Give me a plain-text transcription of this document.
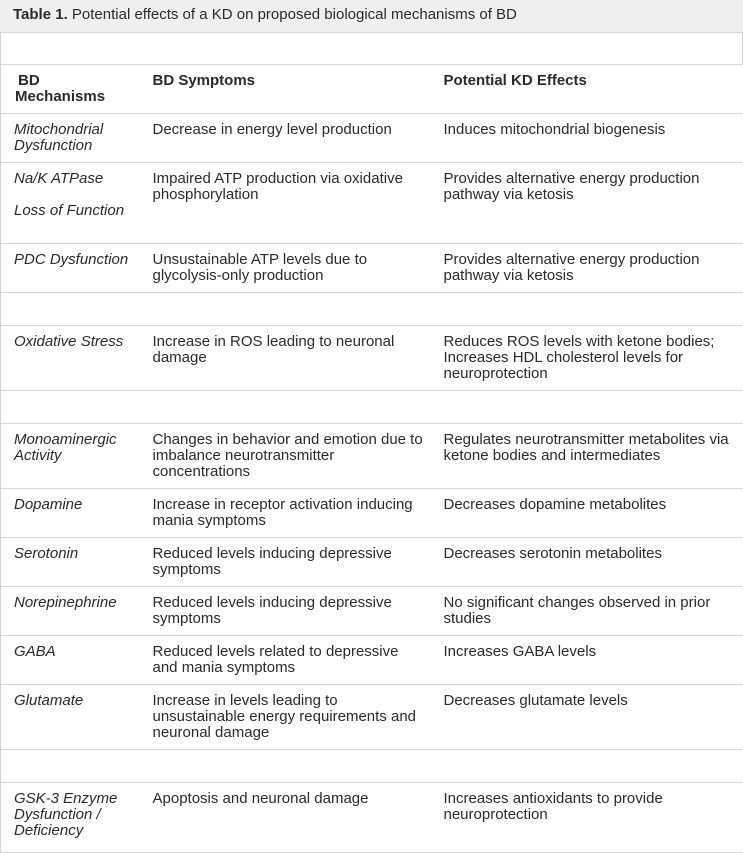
Table 1. Potential effects of a KD on proposed biological mechanisms of BD
BD
Mechanisms	BD Symptoms	Potential KD Effects
Mitochondrial Dysfunction	Decrease in energy level production	Induces mitochondrial biogenesis
Na/K ATPase
Loss of Function	Impaired ATP production via oxidative phosphorylation	Provides alternative energy production pathway via ketosis
PDC Dysfunction	Unsustainable ATP levels due to glycolysis-only production	Provides alternative energy production pathway via ketosis

Oxidative Stress	Increase in ROS leading to neuronal damage	Reduces ROS levels with ketone bodies; Increases HDL cholesterol levels for neuroprotection

Monoaminergic Activity	Changes in behavior and emotion due to imbalance neurotransmitter concentrations	Regulates neurotransmitter metabolites via ketone bodies and intermediates
Dopamine	Increase in receptor activation inducing mania symptoms	Decreases dopamine metabolites
Serotonin	Reduced levels inducing depressive symptoms	Decreases serotonin metabolites
Norepinephrine	Reduced levels inducing depressive symptoms	No significant changes observed in prior studies
GABA	Reduced levels related to depressive and mania symptoms	Increases GABA levels
Glutamate	Increase in levels leading to unsustainable energy requirements and neuronal damage	Decreases glutamate levels

GSK-3 Enzyme Dysfunction / Deficiency	Apoptosis and neuronal damage	Increases antioxidants to provide neuroprotection
